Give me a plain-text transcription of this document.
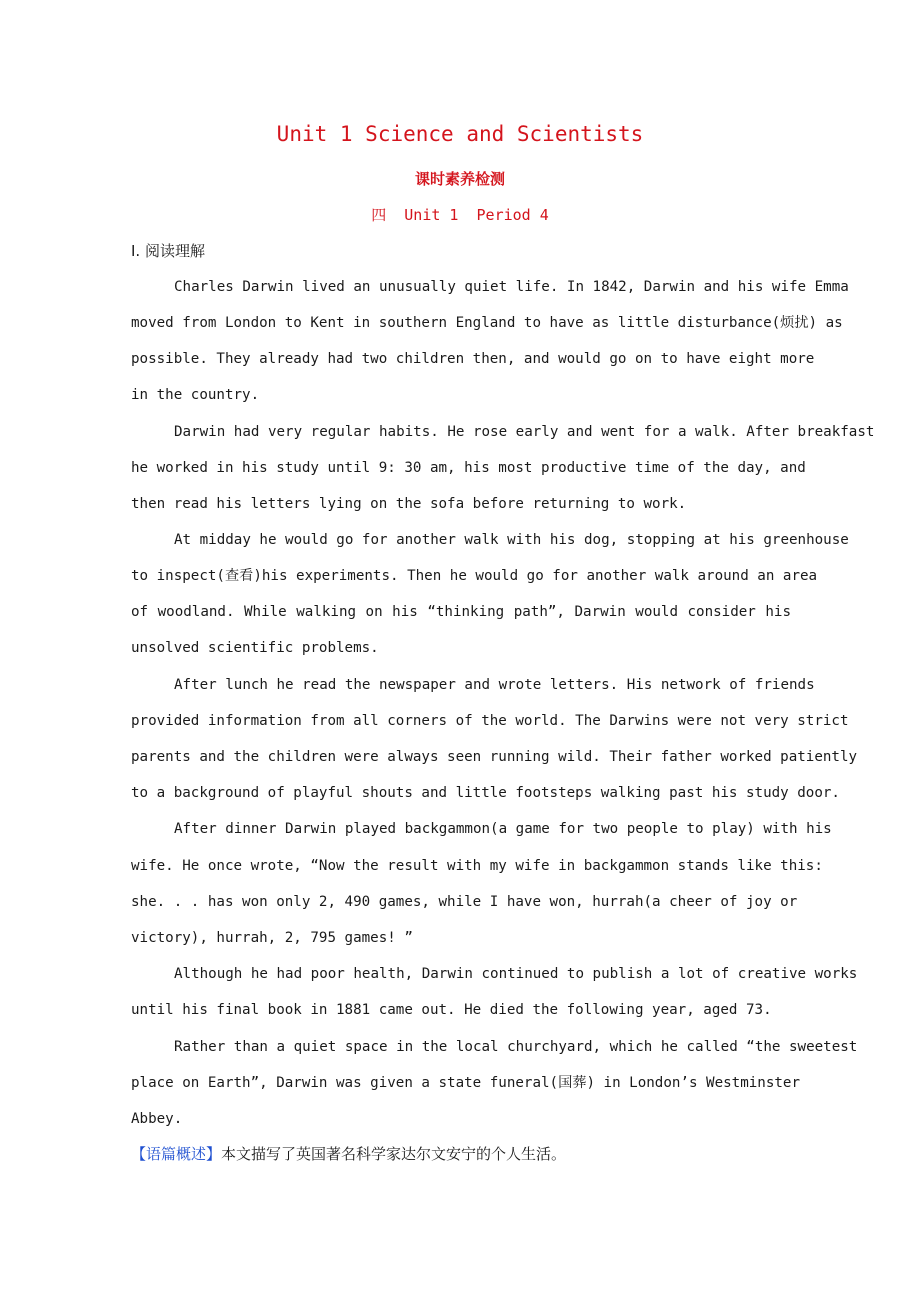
Unit 1 Science and Scientists
课时素养检测
四  Unit 1  Period 4
Ⅰ. 阅读理解
Charles Darwin lived an unusually quiet life. In 1842, Darwin and his wife Emma
moved from London to Kent in southern England to have as little disturbance(烦扰) as
possible. They already had two children then, and would go on to have eight more
in the country.
Darwin had very regular habits. He rose early and went for a walk. After breakfast
he worked in his study until 9: 30 am, his most productive time of the day, and
then read his letters lying on the sofa before returning to work.
At midday he would go for another walk with his dog, stopping at his greenhouse
to inspect(查看)his experiments. Then he would go for another walk around an area
of woodland. While walking on his “thinking path”, Darwin would consider his
unsolved scientific problems.
After lunch he read the newspaper and wrote letters. His network of friends
provided information from all corners of the world. The Darwins were not very strict
parents and the children were always seen running wild. Their father worked patiently
to a background of playful shouts and little footsteps walking past his study door.
After dinner Darwin played backgammon(a game for two people to play) with his
wife. He once wrote, “Now the result with my wife in backgammon stands like this:
she. . . has won only 2, 490 games, while I have won, hurrah(a cheer of joy or
victory), hurrah, 2, 795 games! ”
Although he had poor health, Darwin continued to publish a lot of creative works
until his final book in 1881 came out. He died the following year, aged 73.
Rather than a quiet space in the local churchyard, which he called “the sweetest
place on Earth”, Darwin was given a state funeral(国葬) in London’s Westminster
Abbey.
【语篇概述】本文描写了英国著名科学家达尔文安宁的个人生活。
